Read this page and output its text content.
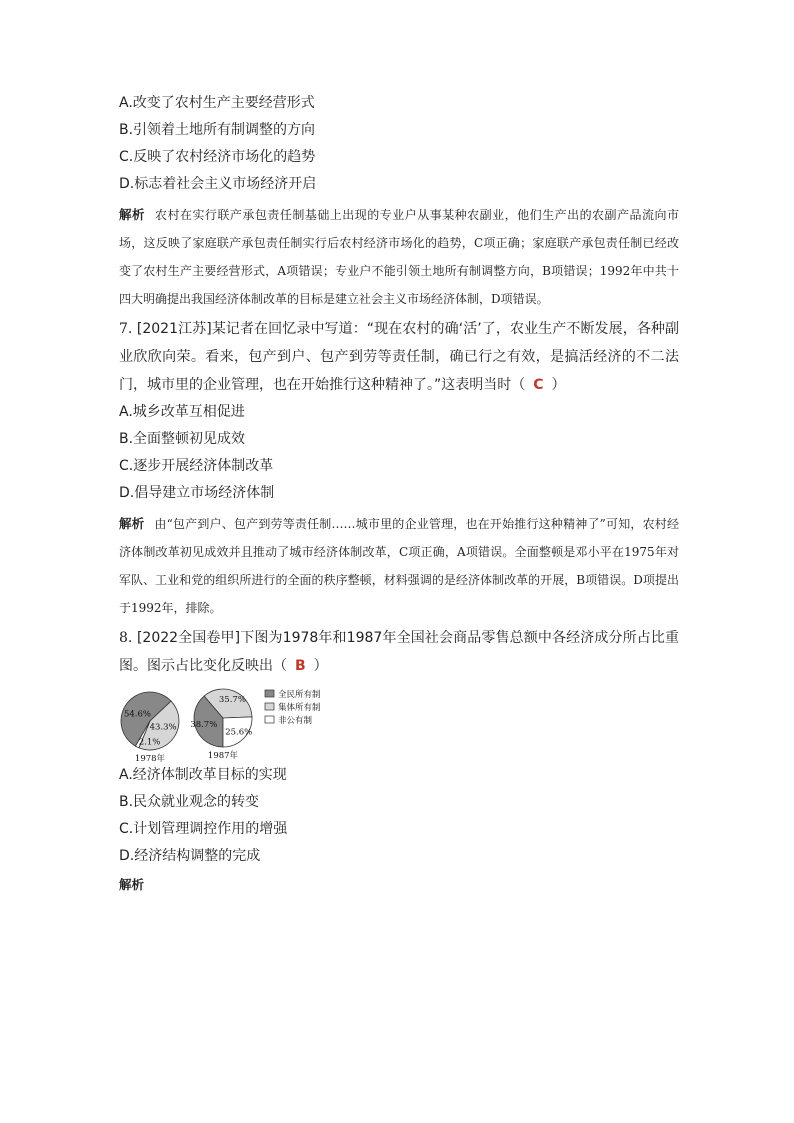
A.改变了农村生产主要经营形式
B.引领着土地所有制调整的方向
C.反映了农村经济市场化的趋势
D.标志着社会主义市场经济开启
解析 农村在实行联产承包责任制基础上出现的专业户从事某种农副业，他们生产出的农副产品流向市场，这反映了家庭联产承包责任制实行后农村经济市场化的趋势，C项正确；家庭联产承包责任制已经改变了农村生产主要经营形式，A项错误；专业户不能引领土地所有制调整方向，B项错误；1992年中共十四大明确提出我国经济体制改革的目标是建立社会主义市场经济体制，D项错误。
7. [2021江苏]某记者在回忆录中写道：“现在农村的确‘活’了，农业生产不断发展，各种副业欣欣向荣。看来，包产到户、包产到劳等责任制，确已行之有效，是搞活经济的不二法门，城市里的企业管理，也在开始推行这种精神了。”这表明当时（ C ）
A.城乡改革互相促进
B.全面整顿初见成效
C.逐步开展经济体制改革
D.倡导建立市场经济体制
解析 由“包产到户、包产到劳等责任制……城市里的企业管理，也在开始推行这种精神了”可知，农村经济体制改革初见成效并且推动了城市经济体制改革，C项正确，A项错误。全面整顿是邓小平在1975年对军队、工业和党的组织所进行的全面的秩序整顿，材料强调的是经济体制改革的开展，B项错误。D项提出于1992年，排除。
8. [2022全国卷甲]下图为1978年和1987年全国社会商品零售总额中各经济成分所占比重图。图示占比变化反映出（ B ）
54.6%
43.3%
2.1%
1978年
38.7%
35.7%
25.6%
1987年
全民所有制
集体所有制
非公有制
A.经济体制改革目标的实现
B.民众就业观念的转变
C.计划管理调控作用的增强
D.经济结构调整的完成
解析
